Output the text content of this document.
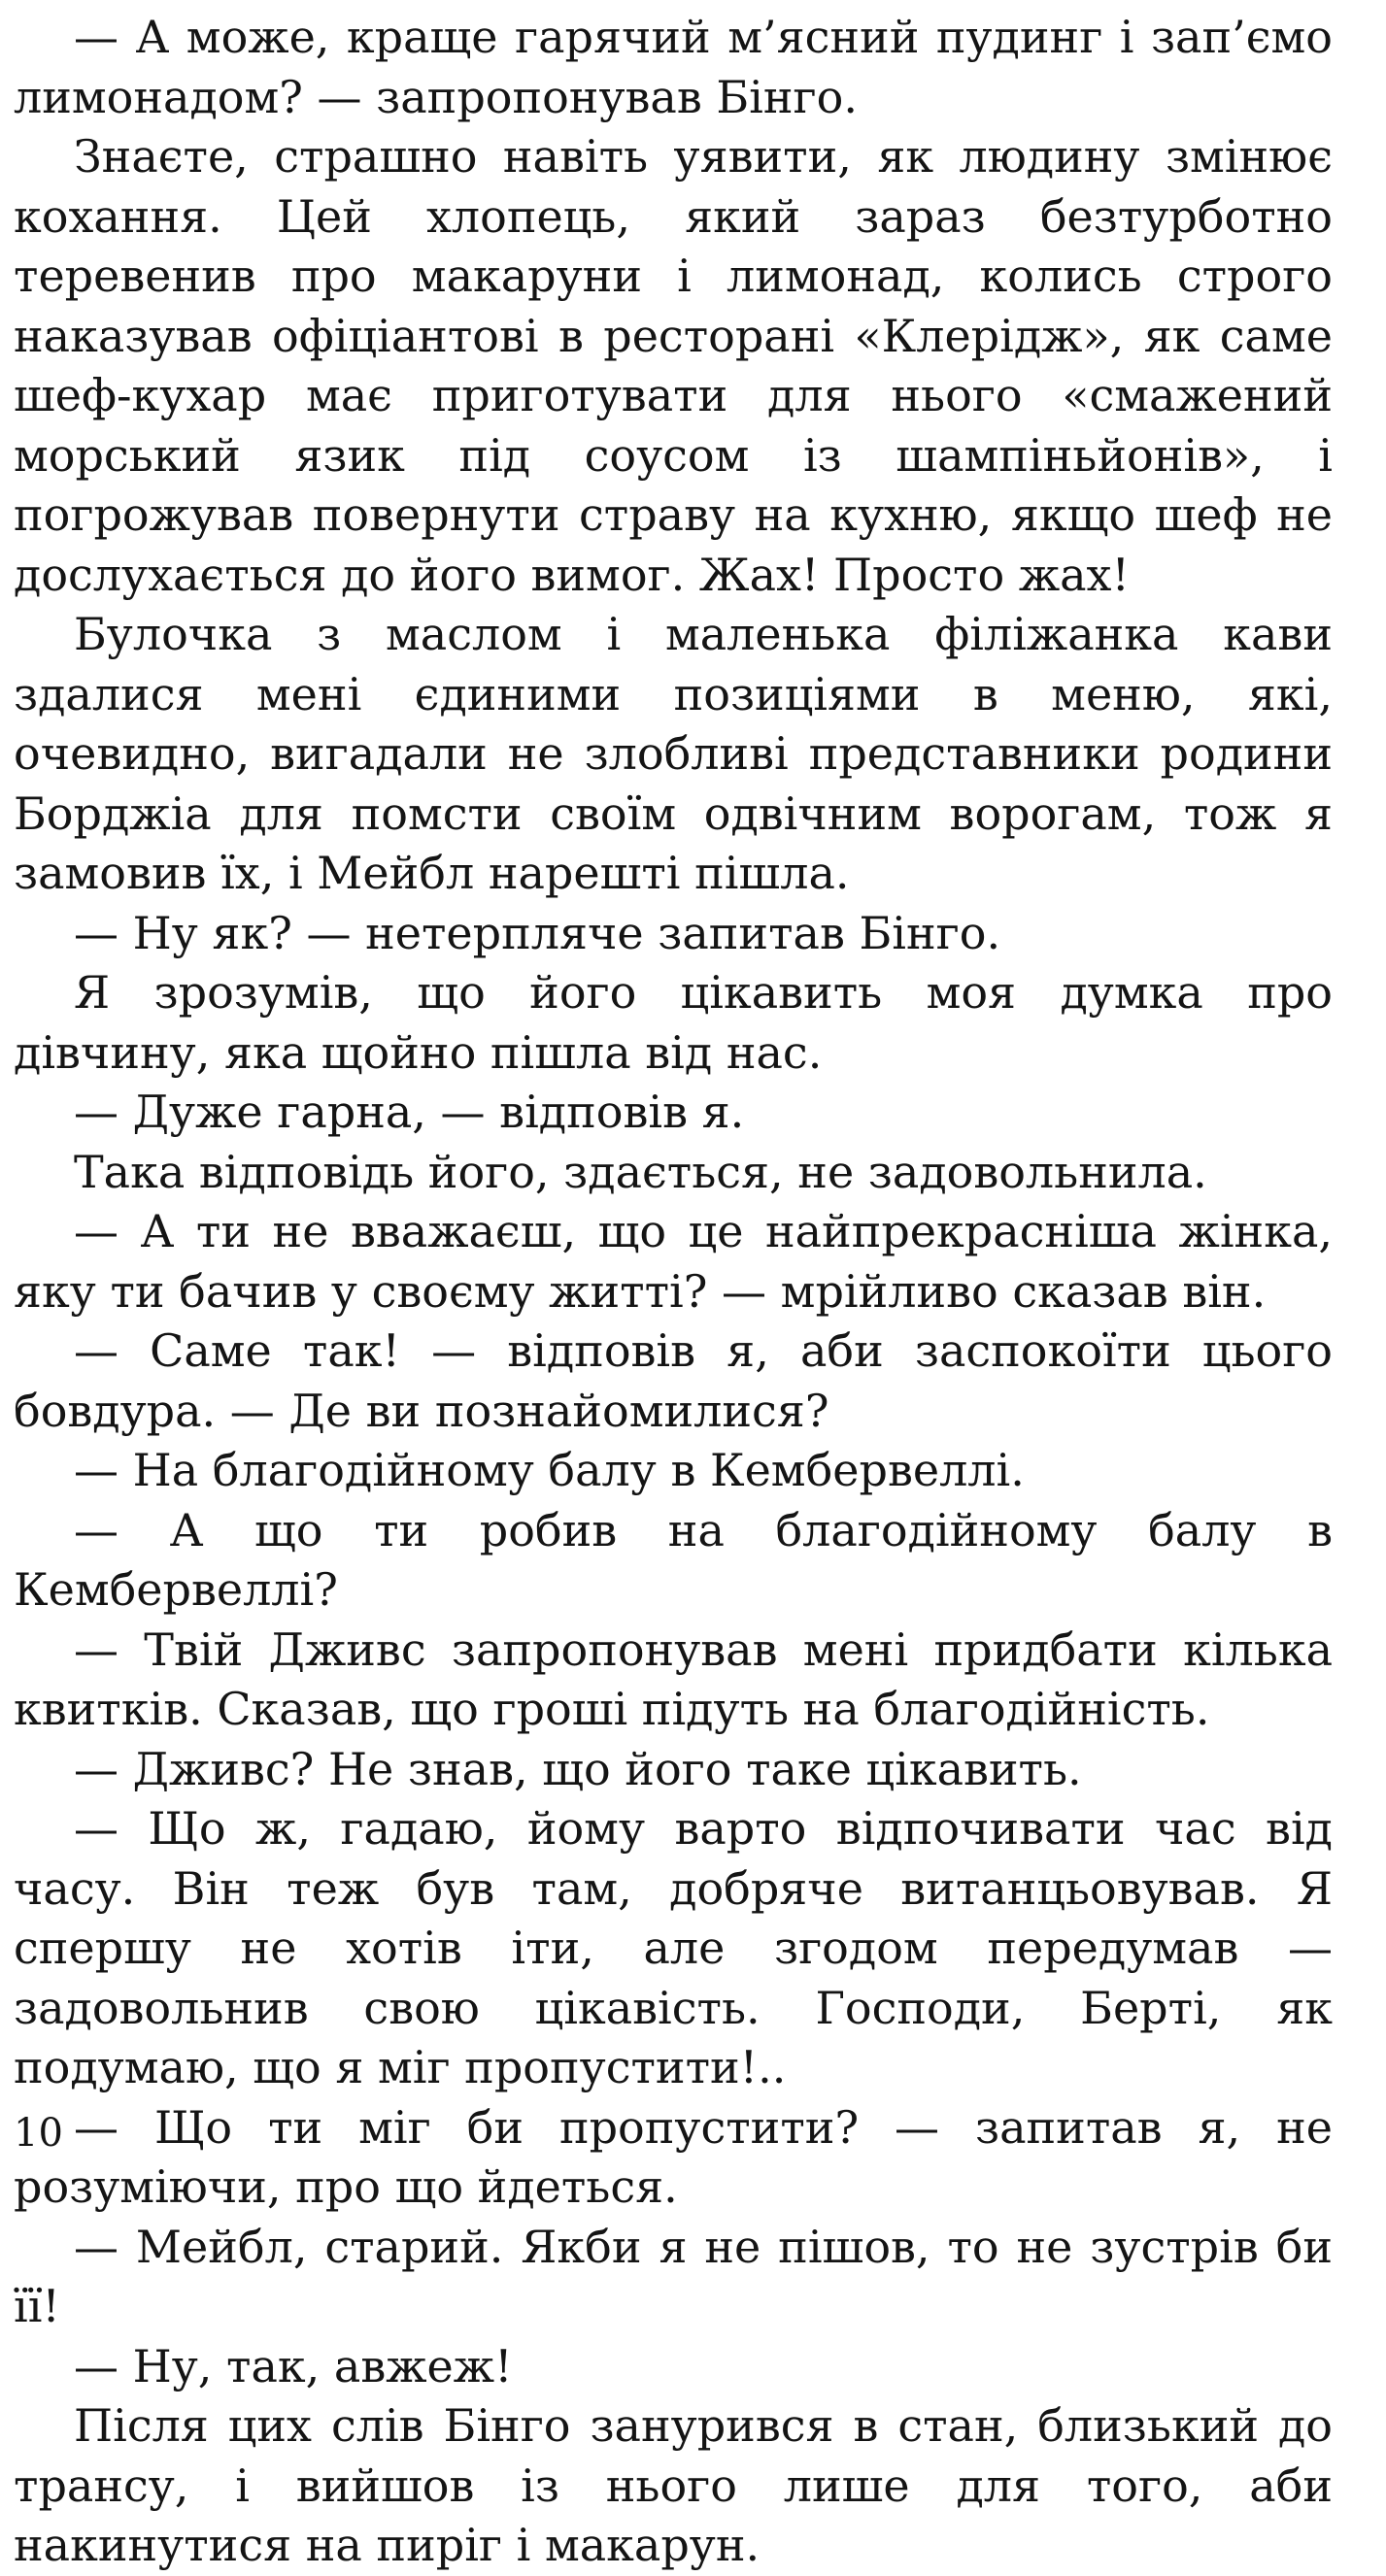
— А може, краще гарячий м’ясний пудинг і зап’ємо лимонадом? — запропонував Бінго.

Знаєте, страшно навіть уявити, як людину змінює кохання. Цей хлопець, який зараз безтурботно теревенив про макаруни і лимонад, колись строго наказував офіціантові в ресторані «Клерідж», як саме шеф-кухар має приготувати для нього «смажений морський язик під соусом із шампіньйонів», і погрожував повернути страву на кухню, якщо шеф не дослухається до його вимог. Жах! Просто жах!

Булочка з маслом і маленька філіжанка кави здалися мені єдиними позиціями в меню, які, очевидно, вигадали не злобливі представники родини Борджіа для помсти своїм одвічним ворогам, тож я замовив їх, і Мейбл нарешті пішла.

— Ну як? — нетерпляче запитав Бінго.

Я зрозумів, що його цікавить моя думка про дівчину, яка щойно пішла від нас.

— Дуже гарна, — відповів я.

Така відповідь його, здається, не задовольнила.

— А ти не вважаєш, що це найпрекрасніша жінка, яку ти бачив у своєму житті? — мрійливо сказав він.

— Саме так! — відповів я, аби заспокоїти цього бовдура. — Де ви познайомилися?

— На благодійному балу в Кембервеллі.

— А що ти робив на благодійному балу в Кембервеллі?

— Твій Дживс запропонував мені придбати кілька квитків. Сказав, що гроші підуть на благодійність.

— Дживс? Не знав, що його таке цікавить.

— Що ж, гадаю, йому варто відпочивати час від часу. Він теж був там, добряче витанцьовував. Я спершу не хотів іти, але згодом передумав — задовольнив свою цікавість. Господи, Берті, як подумаю, що я міг пропустити!..

— Що ти міг би пропустити? — запитав я, не розуміючи, про що йдеться.

— Мейбл, старий. Якби я не пішов, то не зустрів би її!

— Ну, так, авжеж!

Після цих слів Бінго занурився в стан, близький до трансу, і вийшов із нього лише для того, аби накинутися на пиріг і макарун.

10
